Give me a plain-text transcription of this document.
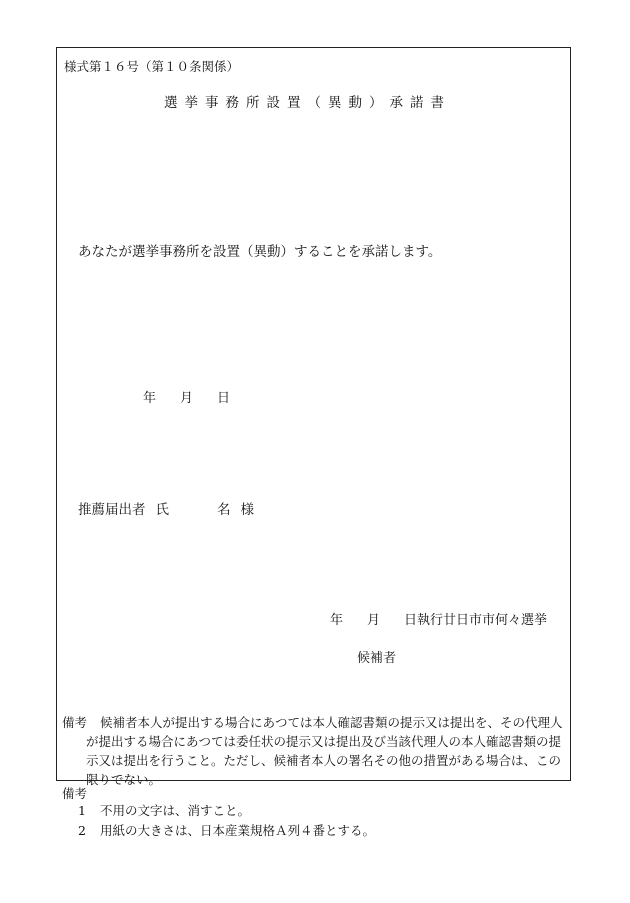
様式第１６号（第１０条関係）
選挙事務所設置（異動）承諾書
あなたが選挙事務所を設置（異動）することを承諾します。
年 月 日
推薦届出者 氏	名 様
年 月 日執行廿日市市何々選挙
候補者
備考	候補者本人が提出する場合にあつては本人確認書類の提示又は提出を、その代理人が提出する場合にあつては委任状の提示又は提出及び当該代理人の本人確認書類の提示又は提出を行うこと。ただし、候補者本人の署名その他の措置がある場合は、この限りでない。
備考
1 不用の文字は、消すこと。
2 用紙の大きさは、日本産業規格Ａ列４番とする。
